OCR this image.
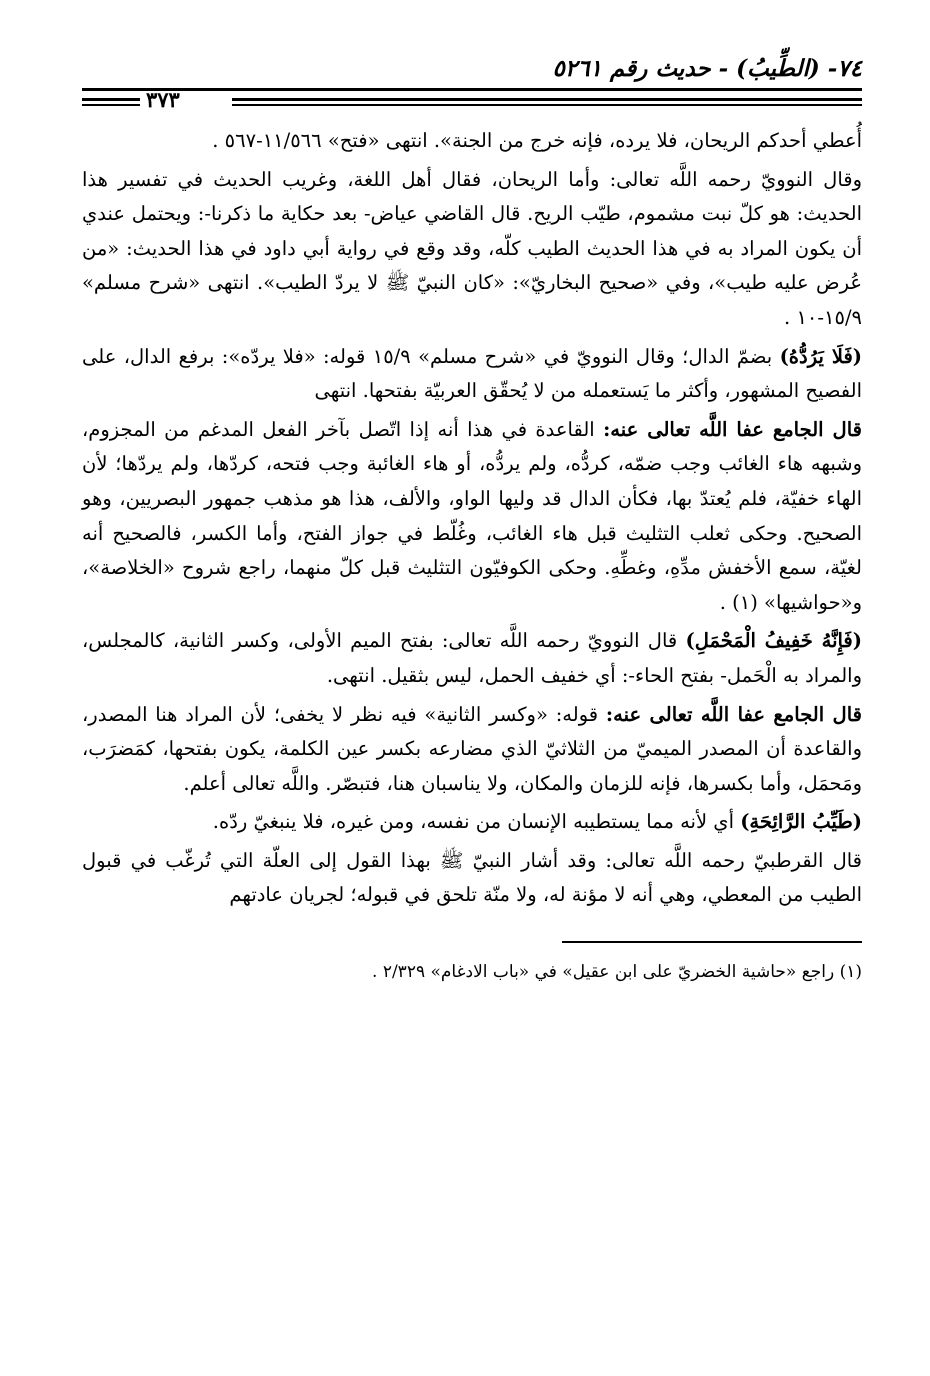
٧٤- (الطِّيبُ) - حديث رقم ٥٢٦١
٣٧٣

أُعطي أحدكم الريحان، فلا يرده، فإنه خرج من الجنة». انتهى «فتح» ١١/٥٦٦-٥٦٧ .

وقال النوويّ رحمه اللَّه تعالى: وأما الريحان، فقال أهل اللغة، وغريب الحديث في تفسير هذا الحديث: هو كلّ نبت مشموم، طيّب الريح. قال القاضي عياض- بعد حكاية ما ذكرنا-: ويحتمل عندي أن يكون المراد به في هذا الحديث الطيب كلّه، وقد وقع في رواية أبي داود في هذا الحديث: «من عُرض عليه طيب»، وفي «صحيح البخاريّ»: «كان النبيّ ﷺ لا يردّ الطيب». انتهى «شرح مسلم» ١٥/٩-١٠ .

(فَلَا يَرُدُّهُ) بضمّ الدال؛ وقال النوويّ في «شرح مسلم» ١٥/٩ قوله: «فلا يردّه»: برفع الدال، على الفصيح المشهور، وأكثر ما يَستعمله من لا يُحقّق العربيّة بفتحها. انتهى

قال الجامع عفا اللَّه تعالى عنه: القاعدة في هذا أنه إذا اتّصل بآخر الفعل المدغم من المجزوم، وشبهه هاء الغائب وجب ضمّه، كردُّه، ولم يردُّه، أو هاء الغائبة وجب فتحه، كردّها، ولم يردّها؛ لأن الهاء خفيّة، فلم يُعتدّ بها، فكأن الدال قد وليها الواو، والألف، هذا هو مذهب جمهور البصريين، وهو الصحيح. وحكى ثعلب التثليث قبل هاء الغائب، وغُلّط في جواز الفتح، وأما الكسر، فالصحيح أنه لغيّة، سمع الأخفش مدِّهِ، وغطِّهِ. وحكى الكوفيّون التثليث قبل كلّ منهما، راجع شروح «الخلاصة»، و«حواشيها» (١) .

(فَإِنَّهُ خَفِيفُ الْمَحْمَلِ) قال النوويّ رحمه اللَّه تعالى: بفتح الميم الأولى، وكسر الثانية، كالمجلس، والمراد به الْحَمل- بفتح الحاء-: أي خفيف الحمل، ليس بثقيل. انتهى.

قال الجامع عفا اللَّه تعالى عنه: قوله: «وكسر الثانية» فيه نظر لا يخفى؛ لأن المراد هنا المصدر، والقاعدة أن المصدر الميميّ من الثلاثيّ الذي مضارعه بكسر عين الكلمة، يكون بفتحها، كمَضرَب، ومَحمَل، وأما بكسرها، فإنه للزمان والمكان، ولا يناسبان هنا، فتبصّر. واللَّه تعالى أعلم.

(طَيِّبُ الرَّائِحَةِ) أي لأنه مما يستطيبه الإنسان من نفسه، ومن غيره، فلا ينبغيّ ردّه.

قال القرطبيّ رحمه اللَّه تعالى: وقد أشار النبيّ ﷺ بهذا القول إلى العلّة التي تُرغّب في قبول الطيب من المعطي، وهي أنه لا مؤنة له، ولا منّة تلحق في قبوله؛ لجريان عادتهم

(١) راجع «حاشية الخضريّ على ابن عقيل» في «باب الادغام» ٢/٣٢٩ .
